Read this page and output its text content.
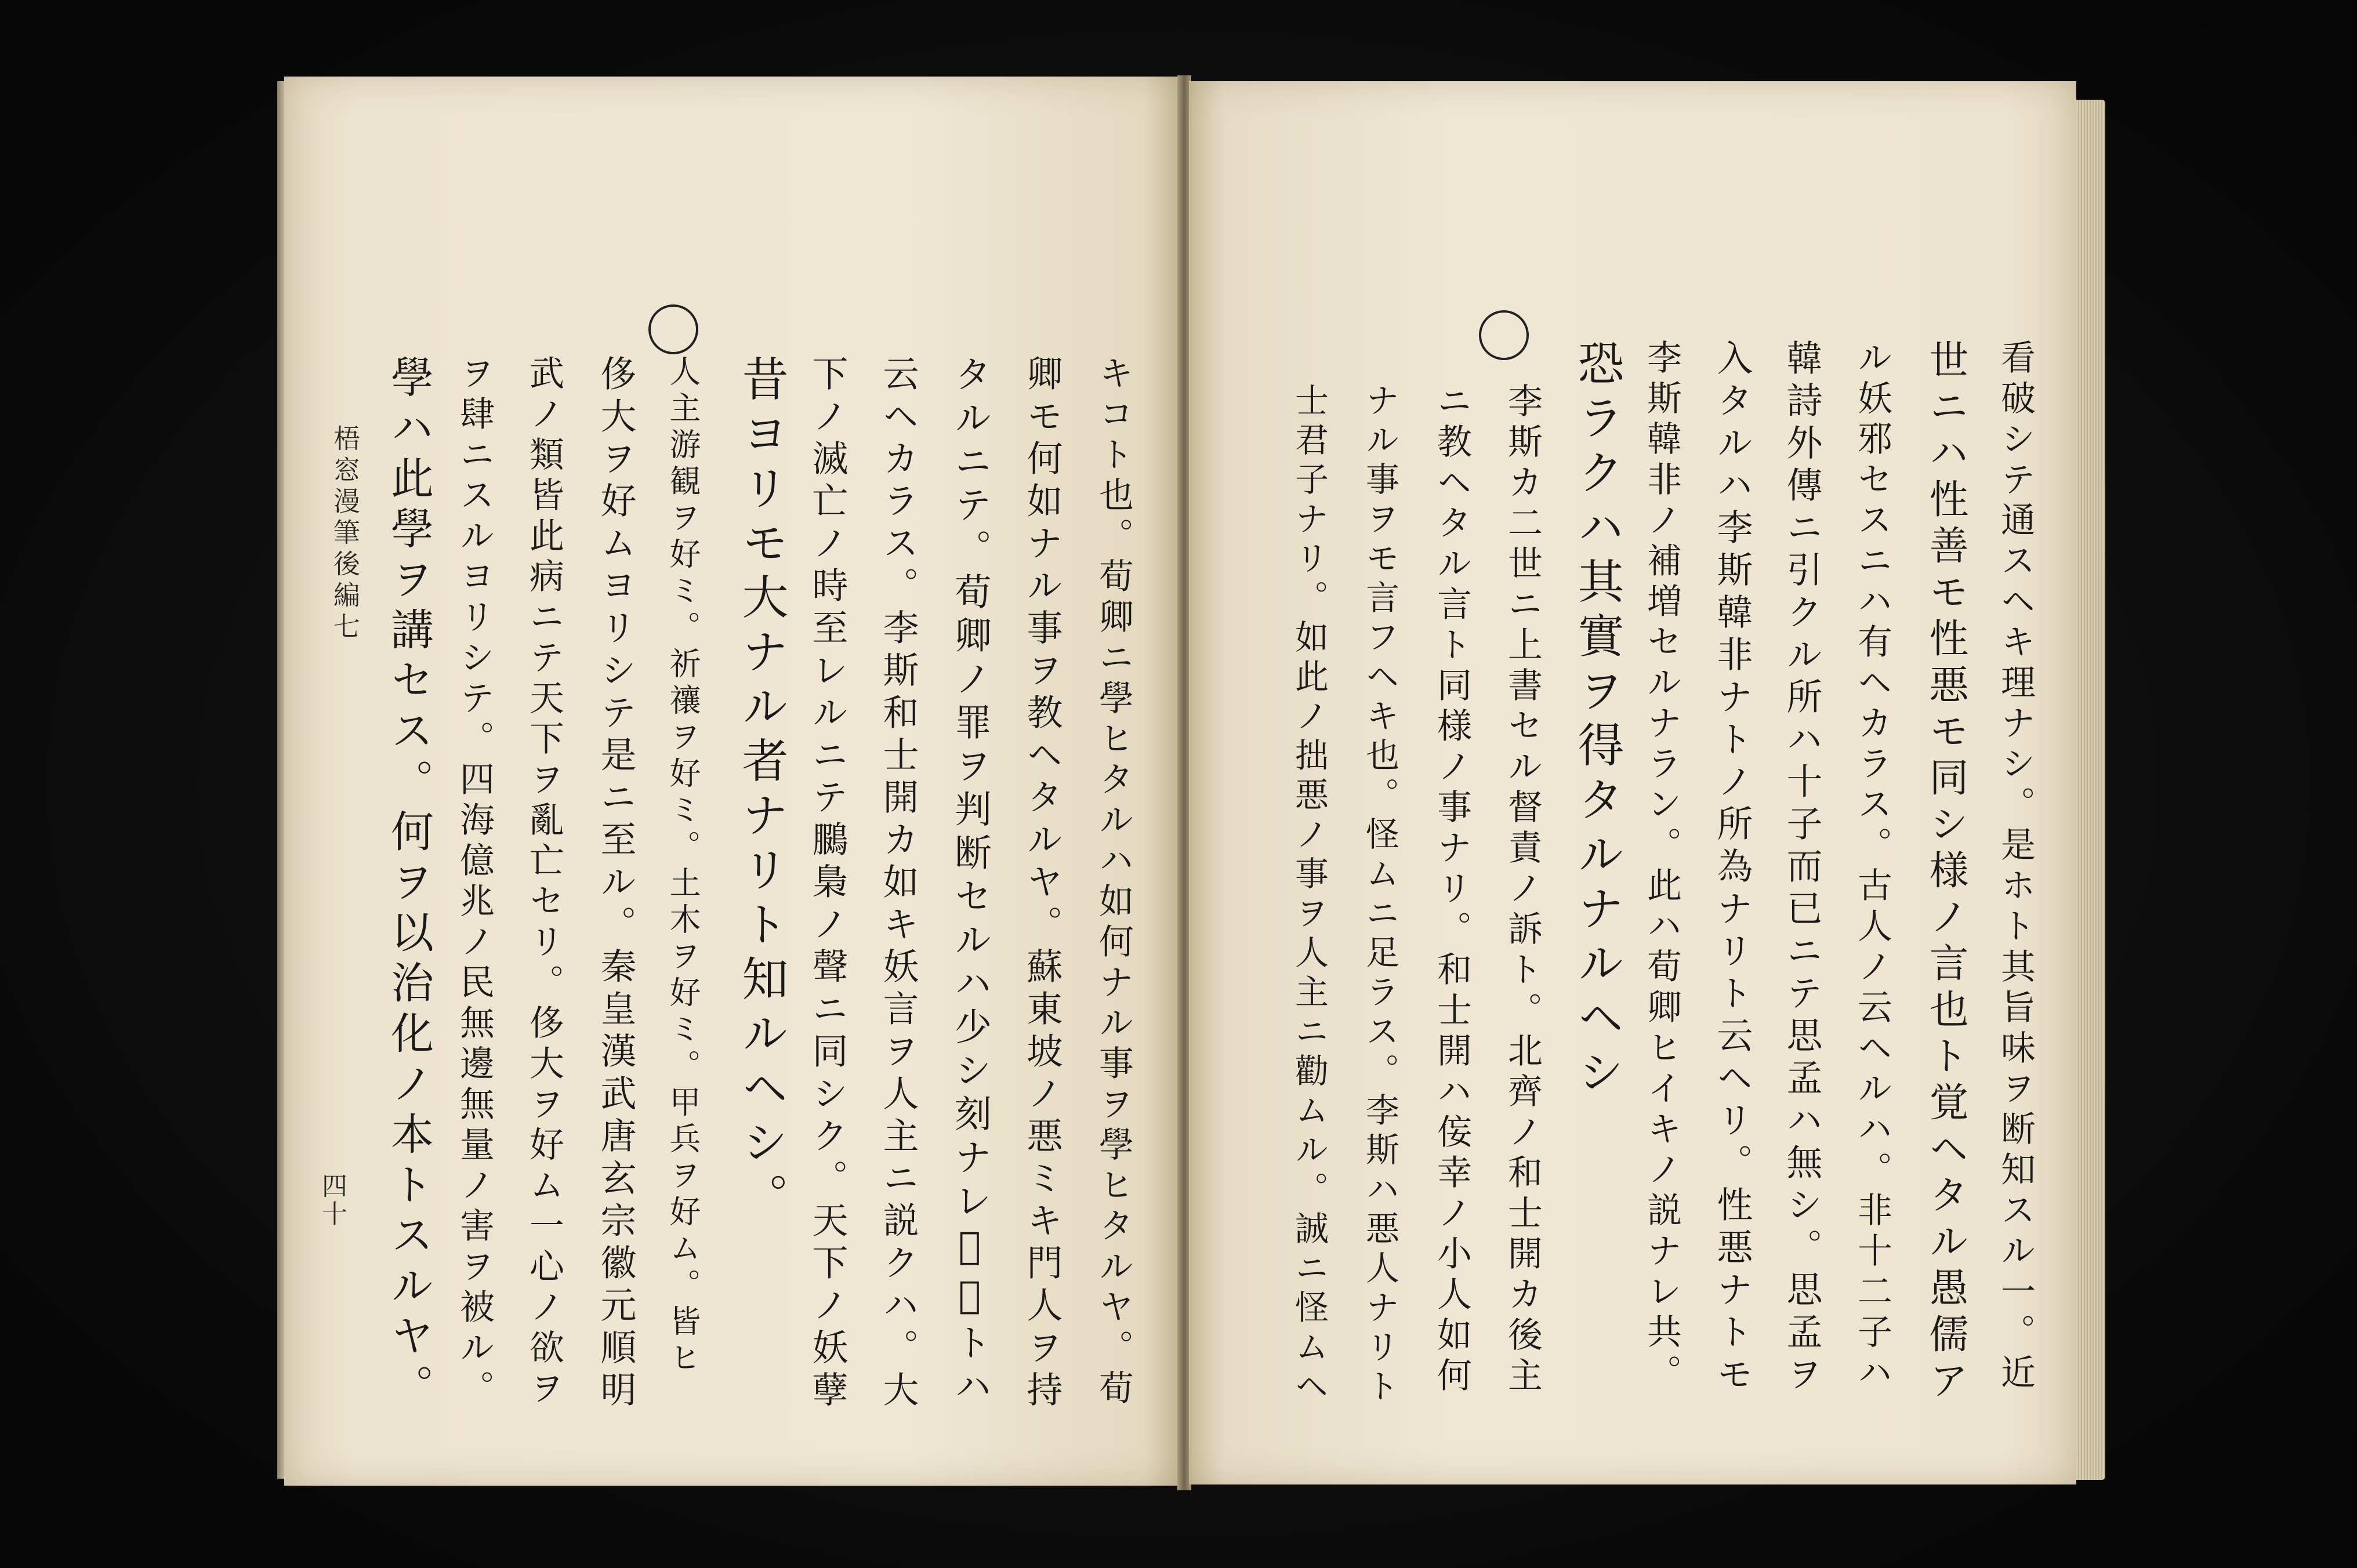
キコト也。荀卿ニ學ヒタルハ如何ナル事ヲ學ヒタルヤ。荀
卿モ何如ナル事ヲ教ヘタルヤ。蘇東坡ノ悪ミキ門人ヲ持
タルニテ。荀卿ノ罪ヲ判断セルハ少シ刻ナレ𪜈理トハ
云ヘカラス。李斯和士開カ如キ妖言ヲ人主ニ説クハ。大
下ノ滅亡ノ時至レルニテ鵩梟ノ聲ニ同シク。天下ノ妖孽
昔ヨリモ大ナル者ナリト知ルヘシ。
人主游観ヲ好ミ。祈禳ヲ好ミ。土木ヲ好ミ。甲兵ヲ好ム。皆ヒ
侈大ヲ好ムヨリシテ是ニ至ル。秦皇漢武唐玄宗徽元順明
武ノ類皆此病ニテ天下ヲ亂亡セリ。侈大ヲ好ム一心ノ欲ヲ
ヲ肆ニスルヨリシテ。四海億兆ノ民無邊無量ノ害ヲ被ル。
學ハ此學ヲ講セス。何ヲ以治化ノ本トスルヤ。
梧窓漫筆後編七
四十
　　　　　　　　　　　　　　	看破シテ通スヘキ理ナシ。是ホト其旨味ヲ断知スル一。近
世ニハ性善モ性悪モ同シ様ノ言也ト覚ヘタル愚儒ア
ル妖邪セスニハ有ヘカラス。古人ノ云ヘルハ。非十二子ハ
韓詩外傳ニ引クル所ハ十子而已ニテ思孟ハ無シ。思孟ヲ
入タルハ李斯韓非ナトノ所為ナリト云ヘリ。性悪ナトモ
李斯韓非ノ補増セルナラン。此ハ荀卿ヒイキノ説ナレ共。
恐ラクハ其實ヲ得タルナルヘシ
李斯カ二世ニ上書セル督責ノ訴ト。北齊ノ和士開カ後主
ニ教ヘタル言ト同様ノ事ナリ。和士開ハ侫幸ノ小人如何
ナル事ヲモ言フヘキ也。怪ムニ足ラス。李斯ハ悪人ナリト
士君子ナリ。如此ノ拙悪ノ事ヲ人主ニ勸ムル。誠ニ怪ムヘ
